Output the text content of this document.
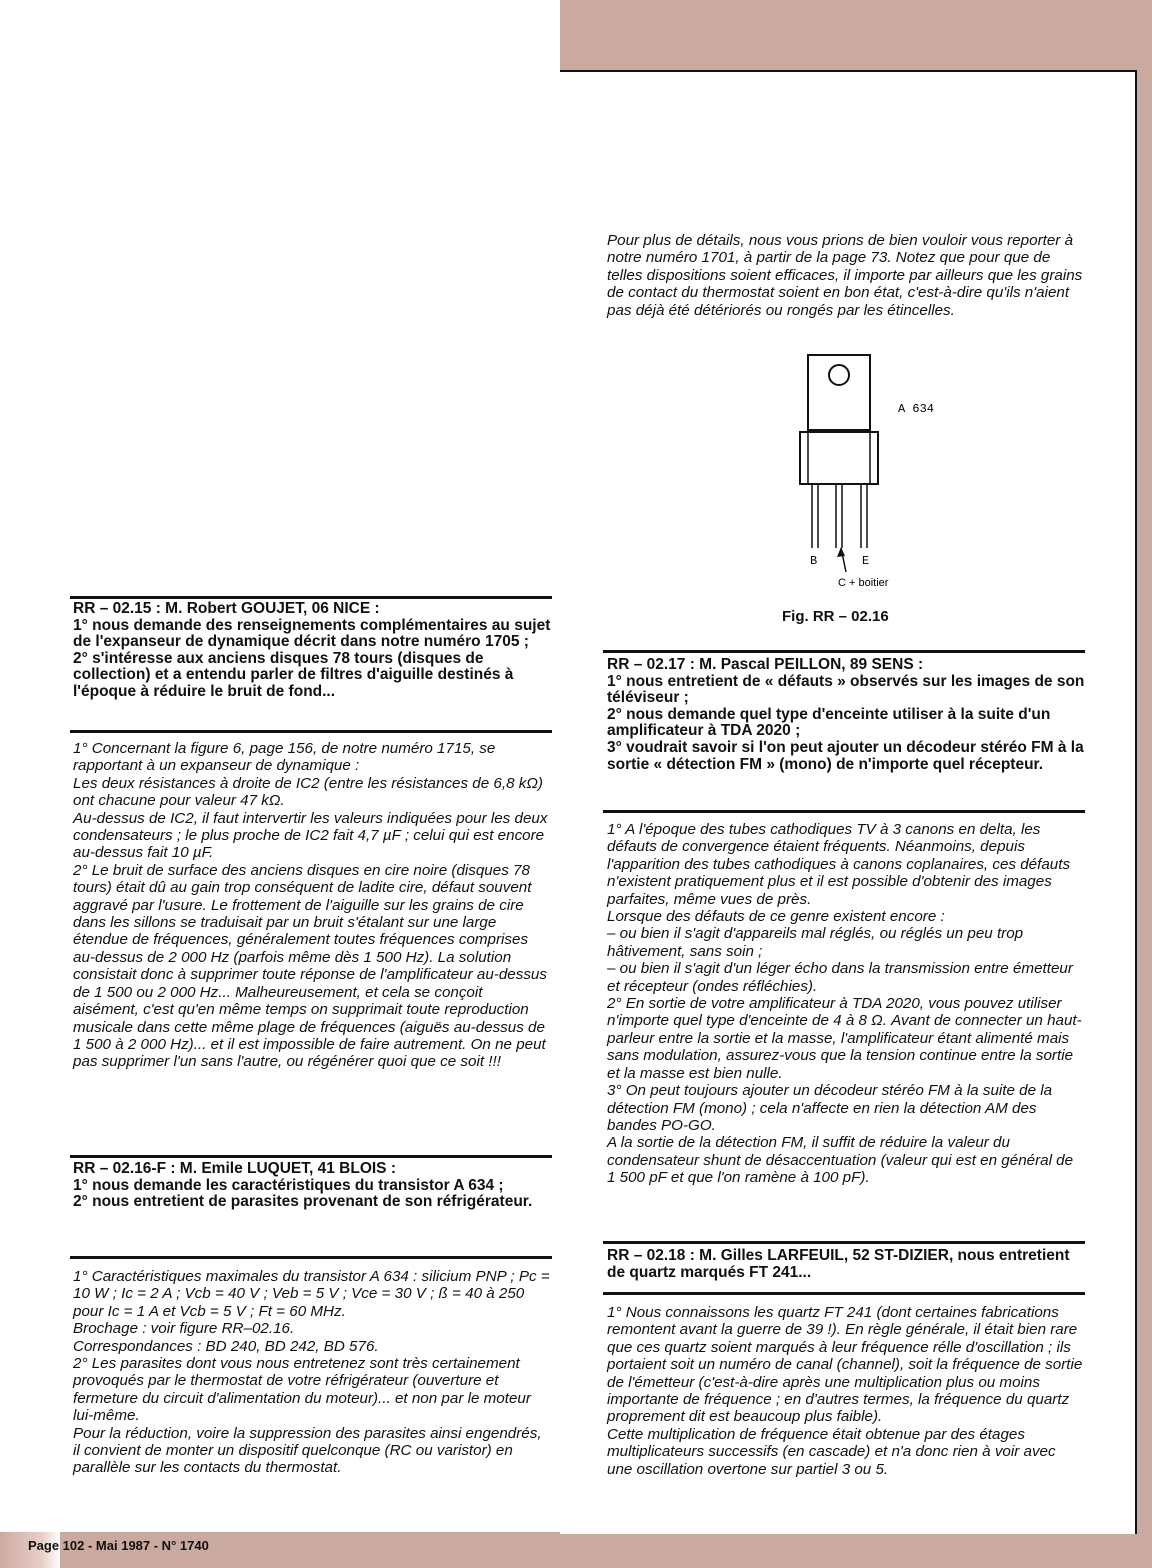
Pour plus de détails, nous vous prions de bien vouloir vous reporter à notre numéro 1701, à partir de la page 73. Notez que pour que de telles dispositions soient efficaces, il importe par ailleurs que les grains de contact du thermostat soient en bon état, c'est-à-dire qu'ils n'aient pas déjà été détériorés ou rongés par les étincelles.

A 634
B	E
C + boitier
Fig. RR – 02.16
RR – 02.15 : M. Robert GOUJET, 06 NICE :

1° nous demande des renseignements complémentaires au sujet de l'expanseur de dynamique décrit dans notre numéro 1705 ;

2° s'intéresse aux anciens disques 78 tours (disques de collection) et a entendu parler de filtres d'aiguille destinés à l'époque à réduire le bruit de fond...

1° Concernant la figure 6, page 156, de notre numéro 1715, se rapportant à un expanseur de dynamique :

Les deux résistances à droite de IC2 (entre les résistances de 6,8 kΩ) ont chacune pour valeur 47 kΩ.

Au-dessus de IC2, il faut intervertir les valeurs indiquées pour les deux condensateurs ; le plus proche de IC2 fait 4,7 µF ; celui qui est encore au-dessus fait 10 µF.

2° Le bruit de surface des anciens disques en cire noire (disques 78 tours) était dû au gain trop conséquent de ladite cire, défaut souvent aggravé par l'usure. Le frottement de l'aiguille sur les grains de cire dans les sillons se traduisait par un bruit s'étalant sur une large étendue de fréquences, généralement toutes fréquences comprises au-dessus de 2 000 Hz (parfois même dès 1 500 Hz). La solution consistait donc à supprimer toute réponse de l'amplificateur au-dessus de 1 500 ou 2 000 Hz... Malheureusement, et cela se conçoit aisément, c'est qu'en même temps on supprimait toute reproduction musicale dans cette même plage de fréquences (aiguës au-dessus de 1 500 à 2 000 Hz)... et il est impossible de faire autrement. On ne peut pas supprimer l'un sans l'autre, ou régénérer quoi que ce soit !!!

RR – 02.16-F : M. Emile LUQUET, 41 BLOIS :

1° nous demande les caractéristiques du transistor A 634 ;

2° nous entretient de parasites provenant de son réfrigérateur.

1° Caractéristiques maximales du transistor A 634 : silicium PNP ; Pc = 10 W ; Ic = 2 A ; Vcb = 40 V ; Veb = 5 V ; Vce = 30 V ; ß = 40 à 250 pour Ic = 1 A et Vcb = 5 V ; Ft = 60 MHz.

Brochage : voir figure RR–02.16.

Correspondances : BD 240, BD 242, BD 576.

2° Les parasites dont vous nous entretenez sont très certainement provoqués par le thermostat de votre réfrigérateur (ouverture et fermeture du circuit d'alimentation du moteur)... et non par le moteur lui-même.

Pour la réduction, voire la suppression des parasites ainsi engendrés, il convient de monter un dispositif quelconque (RC ou varistor) en parallèle sur les contacts du thermostat.

RR – 02.17 : M. Pascal PEILLON, 89 SENS :

1° nous entretient de « défauts » observés sur les images de son téléviseur ;

2° nous demande quel type d'enceinte utiliser à la suite d'un amplificateur à TDA 2020 ;

3° voudrait savoir si l'on peut ajouter un décodeur stéréo FM à la sortie « détection FM » (mono) de n'importe quel récepteur.

1° A l'époque des tubes cathodiques TV à 3 canons en delta, les défauts de convergence étaient fréquents. Néanmoins, depuis l'apparition des tubes cathodiques à canons coplanaires, ces défauts n'existent pratiquement plus et il est possible d'obtenir des images parfaites, même vues de près.

Lorsque des défauts de ce genre existent encore :

– ou bien il s'agit d'appareils mal réglés, ou réglés un peu trop hâtivement, sans soin ;

– ou bien il s'agit d'un léger écho dans la transmission entre émetteur et récepteur (ondes réfléchies).

2° En sortie de votre amplificateur à TDA 2020, vous pouvez utiliser n'importe quel type d'enceinte de 4 à 8 Ω. Avant de connecter un haut-parleur entre la sortie et la masse, l'amplificateur étant alimenté mais sans modulation, assurez-vous que la tension continue entre la sortie et la masse est bien nulle.

3° On peut toujours ajouter un décodeur stéréo FM à la suite de la détection FM (mono) ; cela n'affecte en rien la détection AM des bandes PO-GO.

A la sortie de la détection FM, il suffit de réduire la valeur du condensateur shunt de désaccentuation (valeur qui est en général de 1 500 pF et que l'on ramène à 100 pF).

RR – 02.18 : M. Gilles LARFEUIL, 52 ST-DIZIER, nous entretient de quartz marqués FT 241...

1° Nous connaissons les quartz FT 241 (dont certaines fabrications remontent avant la guerre de 39 !). En règle générale, il était bien rare que ces quartz soient marqués à leur fréquence rélle d'oscillation ; ils portaient soit un numéro de canal (channel), soit la fréquence de sortie de l'émetteur (c'est-à-dire après une multiplication plus ou moins importante de fréquence ; en d'autres termes, la fréquence du quartz proprement dit est beaucoup plus faible).

Cette multiplication de fréquence était obtenue par des étages multiplicateurs successifs (en cascade) et n'a donc rien à voir avec une oscillation overtone sur partiel 3 ou 5.

Page 102 - Mai 1987 - N° 1740
